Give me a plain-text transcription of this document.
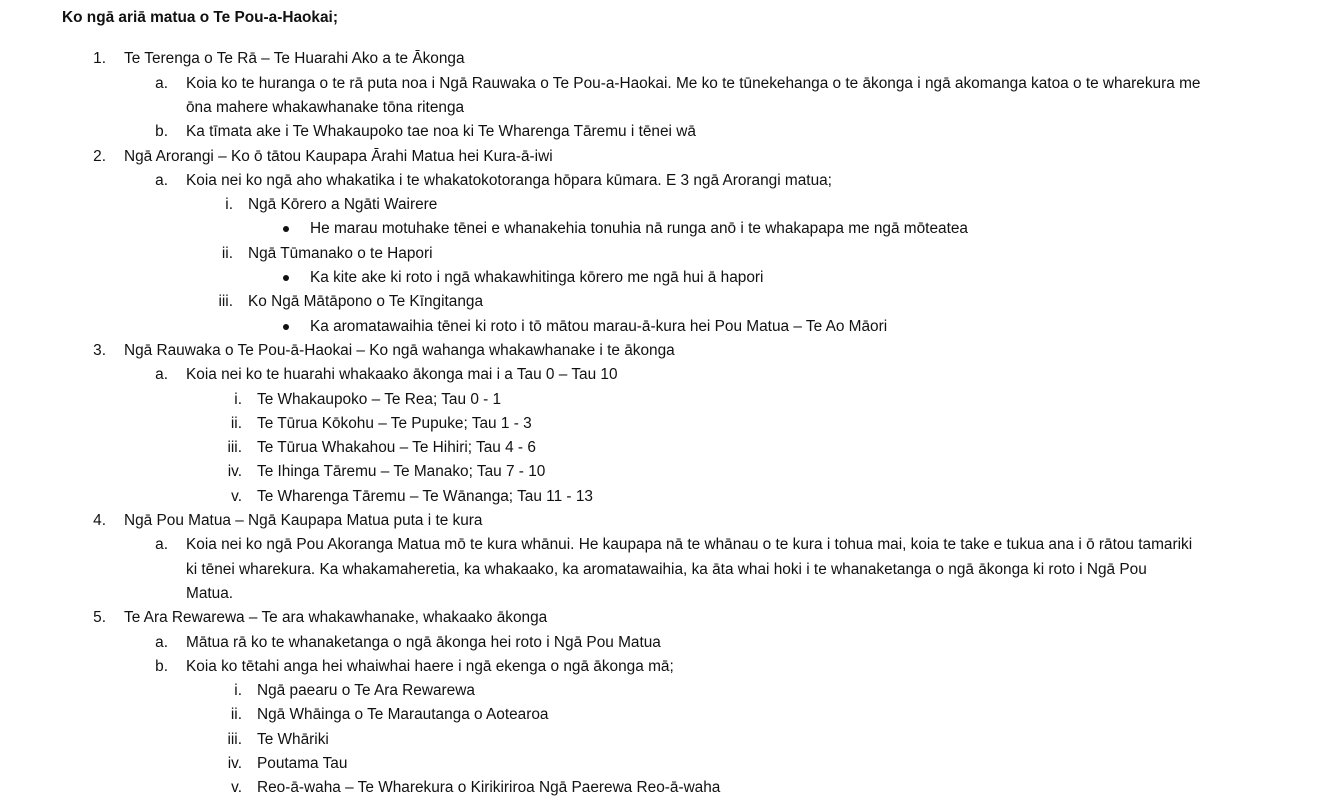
Ko ngā ariā matua o Te Pou-a-Haokai;
1. Te Terenga o Te Rā – Te Huarahi Ako a te Ākonga
a. Koia ko te huranga o te rā puta noa i Ngā Rauwaka o Te Pou-a-Haokai. Me ko te tūnekehanga o te ākonga i ngā akomanga katoa o te wharekura me
ōna mahere whakawhanake tōna ritenga
b. Ka tīmata ake i Te Whakaupoko tae noa ki Te Wharenga Tāremu i tēnei wā
2. Ngā Arorangi – Ko ō tātou Kaupapa Ārahi Matua hei Kura-ā-iwi
a. Koia nei ko ngā aho whakatika i te whakatokotoranga hōpara kūmara. E 3 ngā Arorangi matua;
i. Ngā Kōrero a Ngāti Wairere
He marau motuhake tēnei e whanakehia tonuhia nā runga anō i te whakapapa me ngā mōteatea
ii. Ngā Tūmanako o te Hapori
Ka kite ake ki roto i ngā whakawhitinga kōrero me ngā hui ā hapori
iii. Ko Ngā Mātāpono o Te Kīngitanga
Ka aromatawaihia tēnei ki roto i tō mātou marau-ā-kura hei Pou Matua – Te Ao Māori
3. Ngā Rauwaka o Te Pou-ā-Haokai – Ko ngā wahanga whakawhanake i te ākonga
a. Koia nei ko te huarahi whakaako ākonga mai i a Tau 0 – Tau 10
i. Te Whakaupoko – Te Rea; Tau 0 - 1
ii. Te Tūrua Kōkohu – Te Pupuke; Tau 1 - 3
iii. Te Tūrua Whakahou – Te Hihiri; Tau 4 - 6
iv. Te Ihinga Tāremu – Te Manako; Tau 7 - 10
v. Te Wharenga Tāremu – Te Wānanga; Tau 11 - 13
4. Ngā Pou Matua – Ngā Kaupapa Matua puta i te kura
a. Koia nei ko ngā Pou Akoranga Matua mō te kura whānui. He kaupapa nā te whānau o te kura i tohua mai, koia te take e tukua ana i ō rātou tamariki
ki tēnei wharekura. Ka whakamaheretia, ka whakaako, ka aromatawaihia, ka āta whai hoki i te whanaketanga o ngā ākonga ki roto i Ngā Pou
Matua.
5. Te Ara Rewarewa – Te ara whakawhanake, whakaako ākonga
a. Mātua rā ko te whanaketanga o ngā ākonga hei roto i Ngā Pou Matua
b. Koia ko tētahi anga hei whaiwhai haere i ngā ekenga o ngā ākonga mā;
i. Ngā paearu o Te Ara Rewarewa
ii. Ngā Whāinga o Te Marautanga o Aotearoa
iii. Te Whāriki
iv. Poutama Tau
v. Reo-ā-waha – Te Wharekura o Kirikiriroa Ngā Paerewa Reo-ā-waha
